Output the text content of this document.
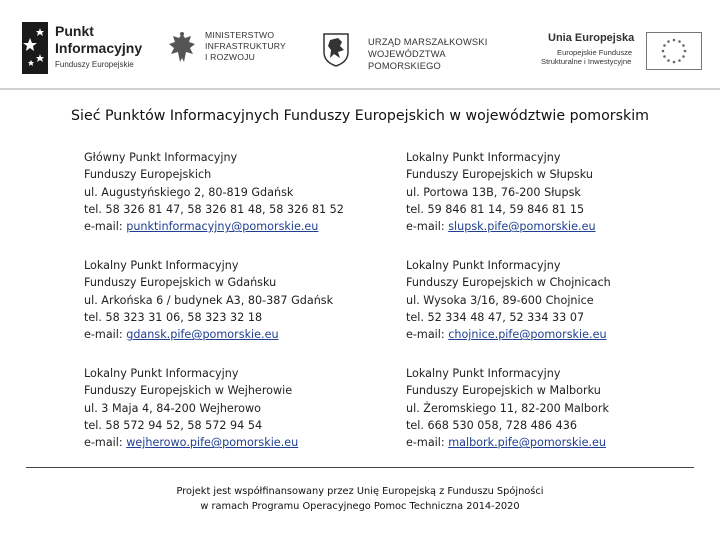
Punkt
Informacyjny
Funduszy Europejskie
MINISTERSTWO
INFRASTRUKTURY
I ROZWOJU
URZĄD MARSZAŁKOWSKI
WOJEWÓDZTWA POMORSKIEGO
Unia Europejska
Europejskie Fundusze
Strukturalne i Inwestycyjne
Sieć Punktów Informacyjnych Funduszy Europejskich w województwie pomorskim
Główny Punkt Informacyjny
Funduszy Europejskich
ul. Augustyńskiego 2, 80-819 Gdańsk
tel. 58 326 81 47, 58 326 81 48, 58 326 81 52
e-mail: punktinformacyjny@pomorskie.eu
Lokalny Punkt Informacyjny
Funduszy Europejskich w Słupsku
ul. Portowa 13B, 76-200 Słupsk
tel. 59 846 81 14, 59 846 81 15
e-mail: slupsk.pife@pomorskie.eu
Lokalny Punkt Informacyjny
Funduszy Europejskich w Gdańsku
ul. Arkońska 6 / budynek A3, 80-387 Gdańsk
tel. 58 323 31 06, 58 323 32 18
e-mail: gdansk.pife@pomorskie.eu
Lokalny Punkt Informacyjny
Funduszy Europejskich w Chojnicach
ul. Wysoka 3/16, 89-600 Chojnice
tel. 52 334 48 47, 52 334 33 07
e-mail: chojnice.pife@pomorskie.eu
Lokalny Punkt Informacyjny
Funduszy Europejskich w Wejherowie
ul. 3 Maja 4, 84-200 Wejherowo
tel. 58 572 94 52, 58 572 94 54
e-mail: wejherowo.pife@pomorskie.eu
Lokalny Punkt Informacyjny
Funduszy Europejskich w Malborku
ul. Żeromskiego 11, 82-200 Malbork
tel. 668 530 058, 728 486 436
e-mail: malbork.pife@pomorskie.eu
Projekt jest współfinansowany przez Unię Europejską z Funduszu Spójności
w ramach Programu Operacyjnego Pomoc Techniczna 2014-2020
